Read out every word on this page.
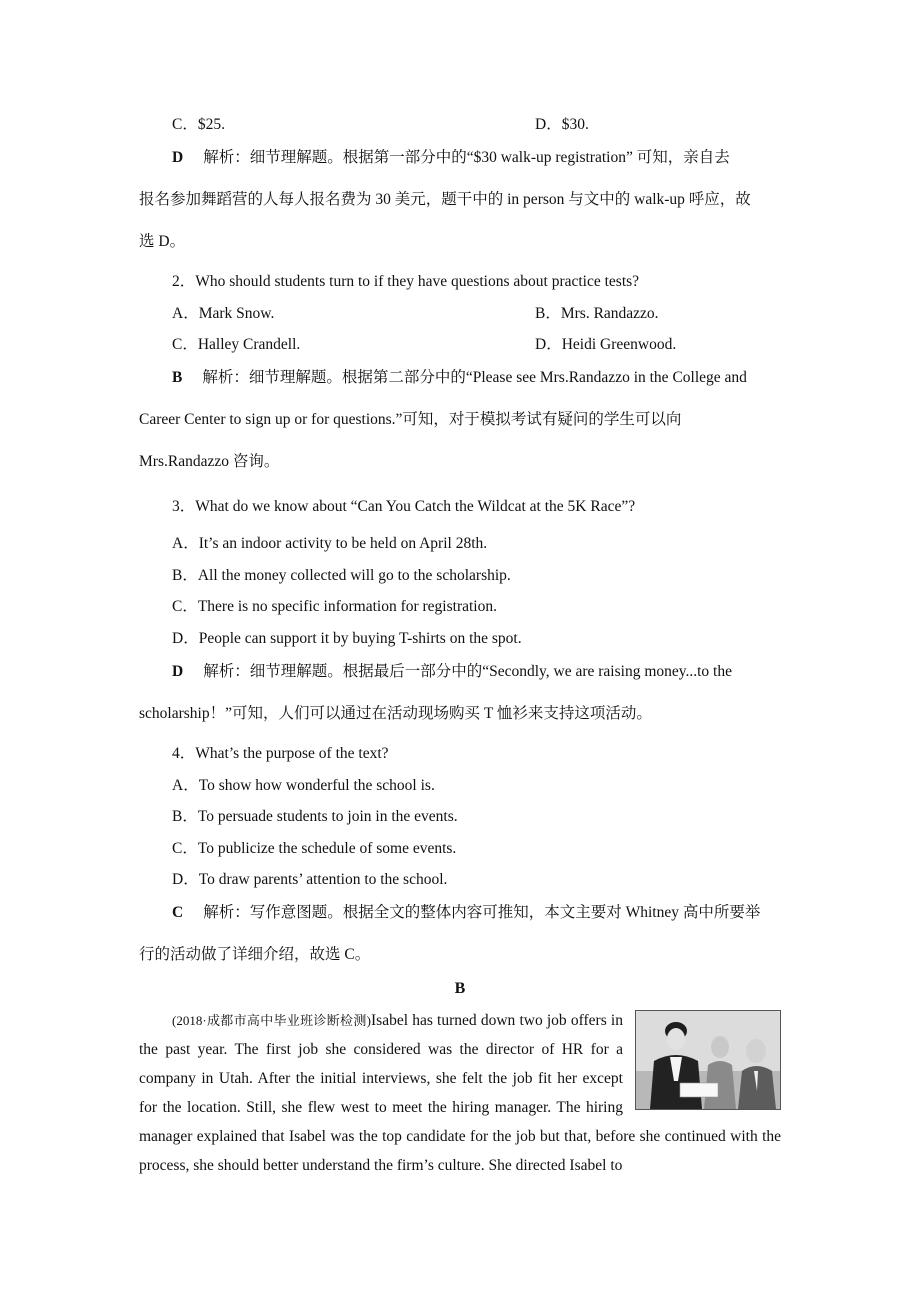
C．$25.	D．$30.
D 解析：细节理解题。根据第一部分中的“$30 walk-up registration” 可知，亲自去
报名参加舞蹈营的人每人报名费为 30 美元，题干中的 in person 与文中的 walk-up 呼应，故
选 D。
2．Who should students turn to if they have questions about practice tests?
A．Mark Snow.	B．Mrs. Randazzo.
C．Halley Crandell.	D．Heidi Greenwood.
B 解析：细节理解题。根据第二部分中的“Please see Mrs.Randazzo in the College and
Career Center to sign up or for questions.”可知，对于模拟考试有疑问的学生可以向
Mrs.Randazzo 咨询。
3．What do we know about “Can You Catch the Wildcat at the 5K Race”?
A．It’s an indoor activity to be held on April 28th.
B．All the money collected will go to the scholarship.
C．There is no specific information for registration.
D．People can support it by buying T-shirts on the spot.
D 解析：细节理解题。根据最后一部分中的“Secondly, we are raising money...to the
scholarship！”可知，人们可以通过在活动现场购买 T 恤衫来支持这项活动。
4．What’s the purpose of the text?
A．To show how wonderful the school is.
B．To persuade students to join in the events.
C．To publicize the schedule of some events.
D．To draw parents’ attention to the school.
C 解析：写作意图题。根据全文的整体内容可推知，本文主要对 Whitney 高中所要举
行的活动做了详细介绍，故选 C。
B
(2018·成都市高中毕业班诊断检测)Isabel has turned down two job offers in the past year. The first job she considered was the director of HR for a company in Utah. After the initial interviews, she felt the job fit her except for the location. Still, she flew west to meet the hiring manager. The hiring manager explained that Isabel was the top candidate for the job but that, before she continued with the process, she should better understand the firm’s culture. She directed Isabel to
